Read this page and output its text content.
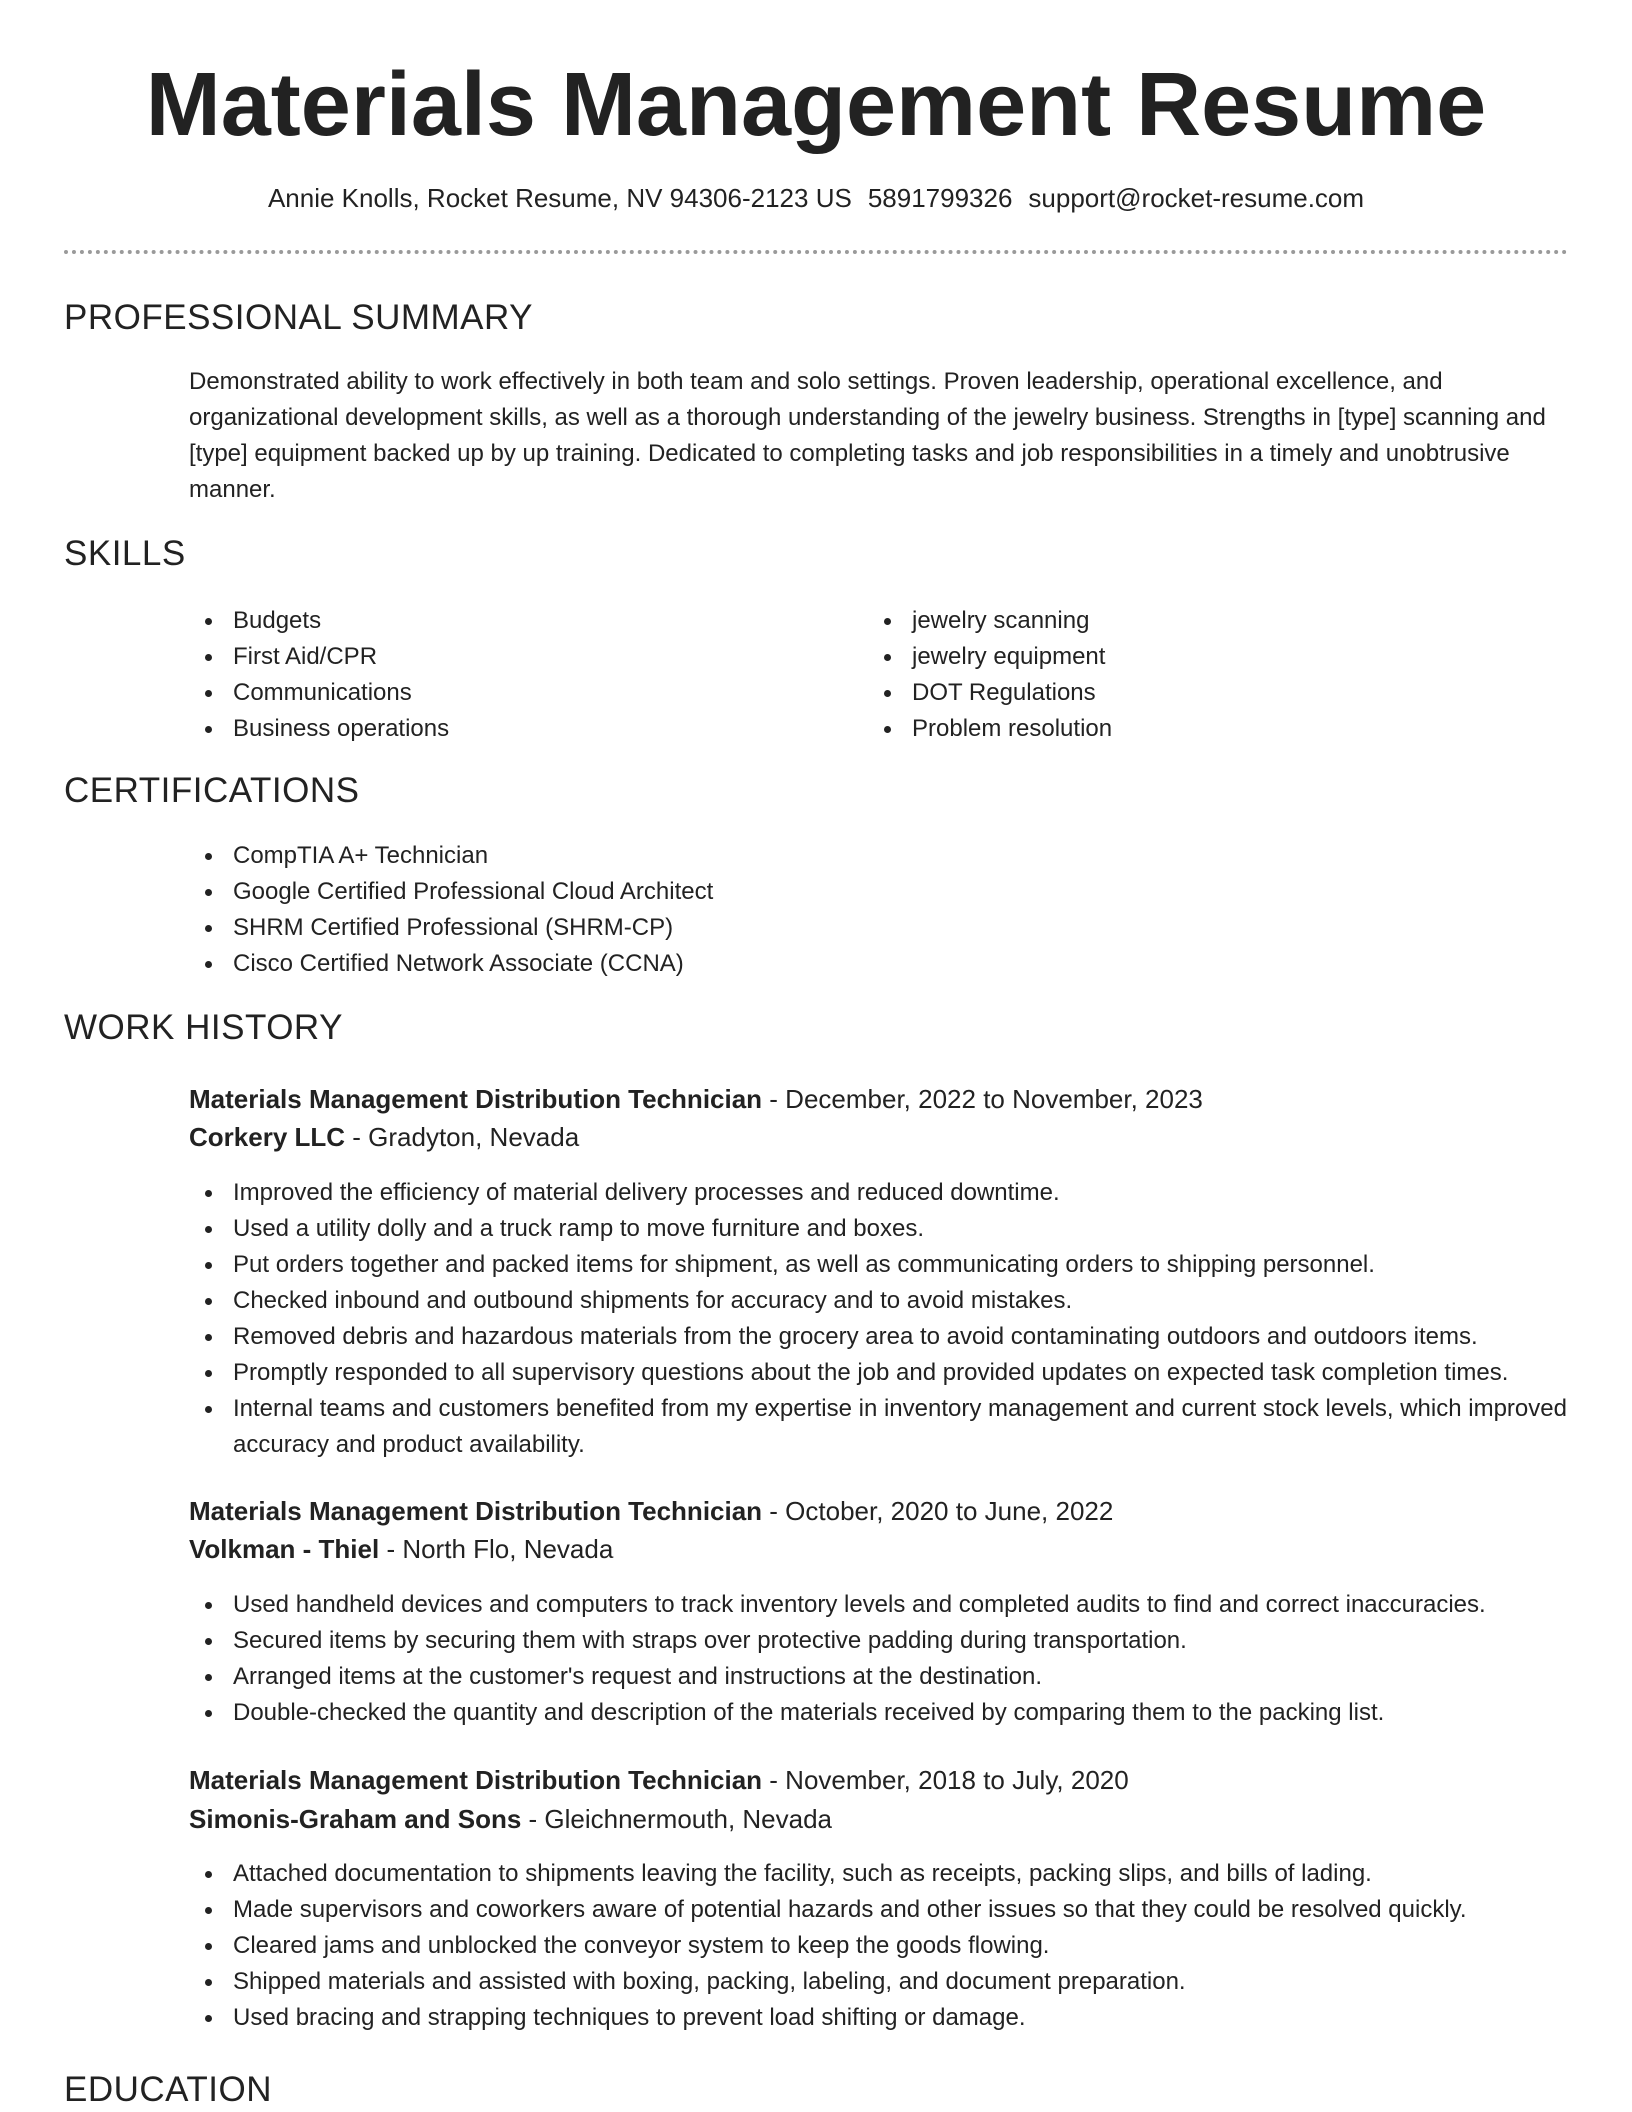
Materials Management Resume
Annie Knolls, Rocket Resume, NV 94306-2123 US 5891799326 support@rocket-resume.com
PROFESSIONAL SUMMARY
Demonstrated ability to work effectively in both team and solo settings. Proven leadership, operational excellence, and organizational development skills, as well as a thorough understanding of the jewelry business. Strengths in [type] scanning and [type] equipment backed up by up training. Dedicated to completing tasks and job responsibilities in a timely and unobtrusive manner.
SKILLS
Budgets
First Aid/CPR
Communications
Business operations
jewelry scanning
jewelry equipment
DOT Regulations
Problem resolution
CERTIFICATIONS
CompTIA A+ Technician
Google Certified Professional Cloud Architect
SHRM Certified Professional (SHRM-CP)
Cisco Certified Network Associate (CCNA)
WORK HISTORY
Materials Management Distribution Technician - December, 2022 to November, 2023
Corkery LLC - Gradyton, Nevada
Improved the efficiency of material delivery processes and reduced downtime.
Used a utility dolly and a truck ramp to move furniture and boxes.
Put orders together and packed items for shipment, as well as communicating orders to shipping personnel.
Checked inbound and outbound shipments for accuracy and to avoid mistakes.
Removed debris and hazardous materials from the grocery area to avoid contaminating outdoors and outdoors items.
Promptly responded to all supervisory questions about the job and provided updates on expected task completion times.
Internal teams and customers benefited from my expertise in inventory management and current stock levels, which improved accuracy and product availability.
Materials Management Distribution Technician - October, 2020 to June, 2022
Volkman - Thiel - North Flo, Nevada
Used handheld devices and computers to track inventory levels and completed audits to find and correct inaccuracies.
Secured items by securing them with straps over protective padding during transportation.
Arranged items at the customer's request and instructions at the destination.
Double-checked the quantity and description of the materials received by comparing them to the packing list.
Materials Management Distribution Technician - November, 2018 to July, 2020
Simonis-Graham and Sons - Gleichnermouth, Nevada
Attached documentation to shipments leaving the facility, such as receipts, packing slips, and bills of lading.
Made supervisors and coworkers aware of potential hazards and other issues so that they could be resolved quickly.
Cleared jams and unblocked the conveyor system to keep the goods flowing.
Shipped materials and assisted with boxing, packing, labeling, and document preparation.
Used bracing and strapping techniques to prevent load shifting or damage.
EDUCATION
